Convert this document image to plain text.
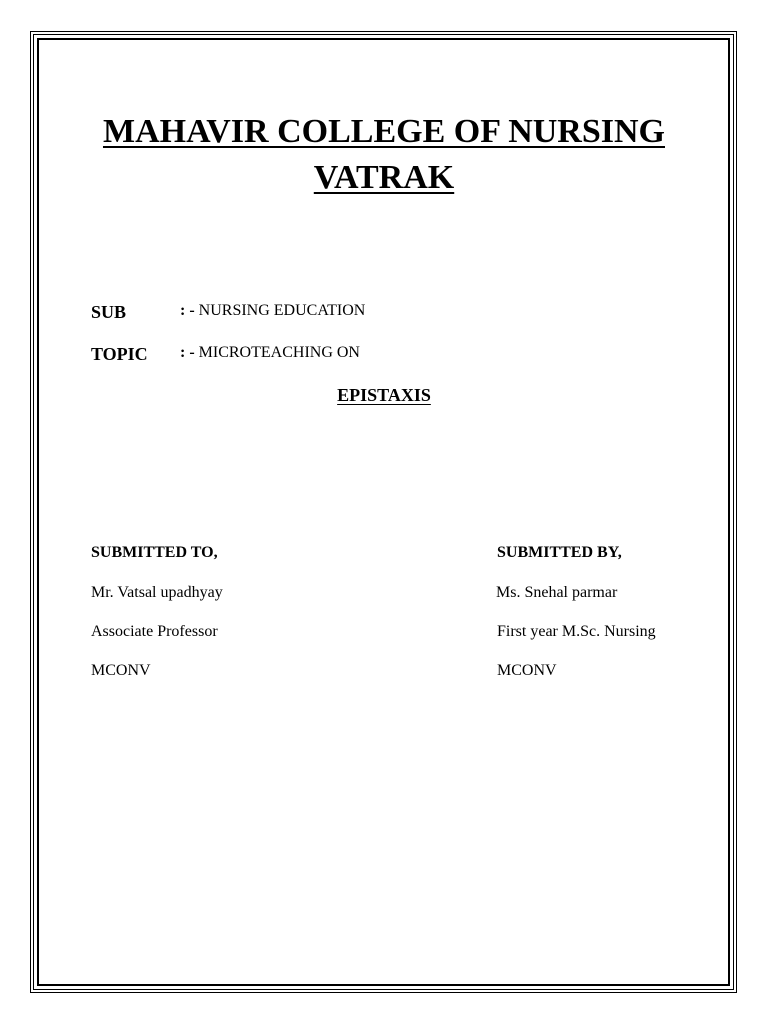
MAHAVIR COLLEGE OF NURSING
VATRAK
SUB	: - NURSING EDUCATION
TOPIC : - MICROTEACHING ON
EPISTAXIS
SUBMITTED TO,
Mr. Vatsal upadhyay
Associate Professor
MCONV
SUBMITTED BY,
Ms. Snehal parmar
First year M.Sc. Nursing
MCONV
